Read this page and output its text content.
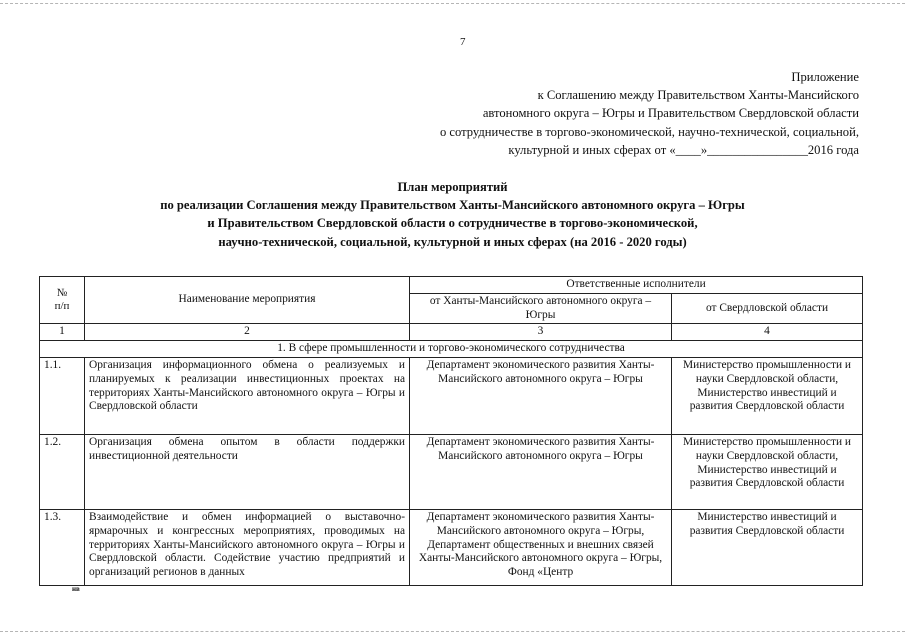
7
Приложение
к Соглашению между Правительством Ханты-Мансийского
автономного округа – Югры и Правительством Свердловской области
о сотрудничестве в торгово-экономической, научно-технической, социальной,
культурной и иных сферах от «____»________________2016 года
План мероприятий
по реализации Соглашения между Правительством Ханты-Мансийского автономного округа – Югры
и Правительством Свердловской области о сотрудничестве в торгово-экономической,
научно-технической, социальной, культурной и иных сферах (на 2016 - 2020 годы)
№
п/п	Наименование мероприятия	Ответственные исполнители	
		от Ханты-Мансийского автономного округа – Югры	от Свердловской области
1	2	3	4
1. В сфере промышленности и торгово-экономического сотрудничества			
1.1.	Организация информационного обмена о реализуемых и планируемых к реализации инвестиционных проектах на территориях Ханты-Мансийского автономного округа – Югры и Свердловской области	Департамент экономического развития Ханты-Мансийского автономного округа – Югры	Министерство промышленности и науки Свердловской области, Министерство инвестиций и развития Свердловской области
1.2.	Организация обмена опытом в области поддержки инвестиционной деятельности	Департамент экономического развития Ханты-Мансийского автономного округа – Югры	Министерство промышленности и науки Свердловской области, Министерство инвестиций и развития Свердловской области
1.3.	Взаимодействие и обмен информацией о выставочно-ярмарочных и конгрессных мероприятиях, проводимых на территориях Ханты-Мансийского автономного округа – Югры и Свердловской области. Содействие участию предприятий и организаций регионов в данных	Департамент экономического развития Ханты-Мансийского автономного округа – Югры, Департамент общественных и внешних связей Ханты-Мансийского автономного округа – Югры, Фонд «Центр	Министерство инвестиций и развития Свердловской области
нв
